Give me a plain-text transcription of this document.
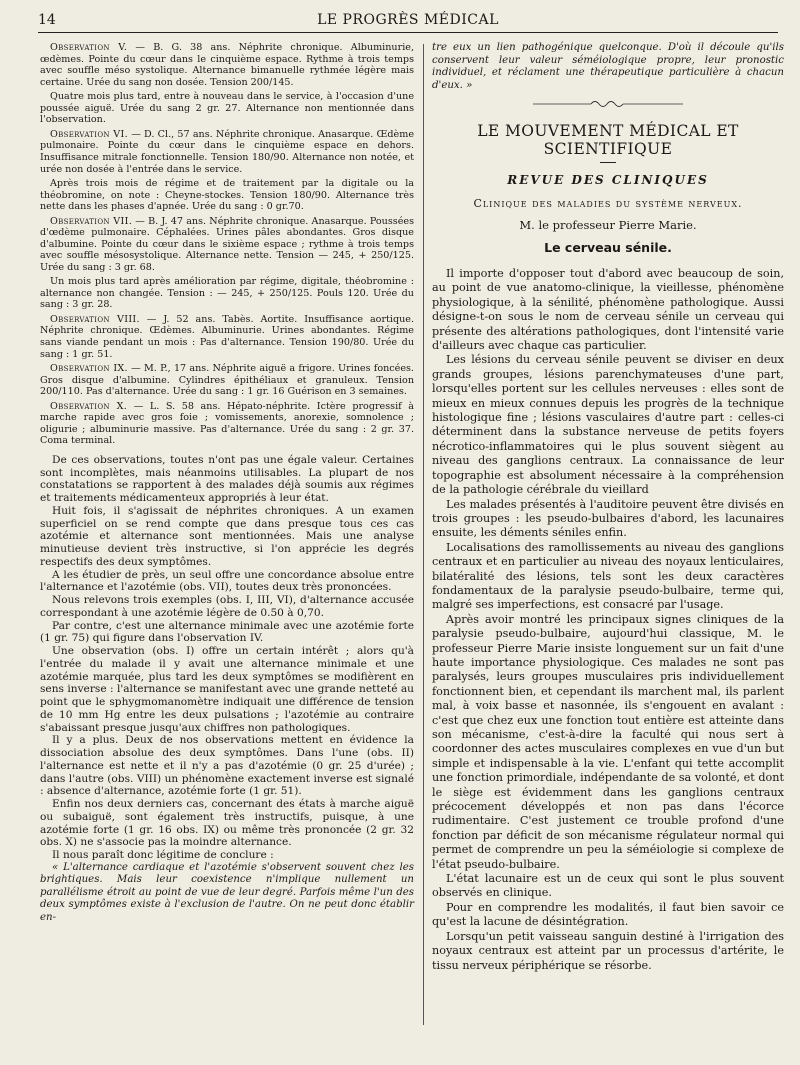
14	LE PROGRÈS MÉDICAL

Observation V. — B. G. 38 ans. Néphrite chronique. Albuminurie, œdèmes. Pointe du cœur dans le cinquième espace. Rythme à trois temps avec souffle méso systolique. Alternance bimanuelle rythmée légère mais certaine. Urée du sang non dosée. Tension 200/145.

Quatre mois plus tard, entre à nouveau dans le service, à l'occasion d'une poussée aiguë. Urée du sang 2 gr. 27. Alternance non mentionnée dans l'observation.

Observation VI. — D. Cl., 57 ans. Néphrite chronique. Anasarque. Œdème pulmonaire. Pointe du cœur dans le cinquième espace en dehors. Insuffisance mitrale fonctionnelle. Tension 180/90. Alternance non notée, et urée non dosée à l'entrée dans le service.

Après trois mois de régime et de traitement par la digitale ou la théobromine, on note : Cheyne-stockes. Tension 180/90. Alternance très nette dans les phases d'apnée. Urée du sang : 0 gr.70.

Observation VII. — B. J. 47 ans. Néphrite chronique. Anasarque. Poussées d'œdème pulmonaire. Céphalées. Urines pâles abondantes. Gros disque d'albumine. Pointe du cœur dans le sixième espace ; rythme à trois temps avec souffle mésosystolique. Alternance nette. Tension — 245, + 250/125. Urée du sang : 3 gr. 68.

Un mois plus tard après amélioration par régime, digitale, théobromine : alternance non changée. Tension : — 245, + 250/125. Pouls 120. Urée du sang : 3 gr. 28.

Observation VIII. — J. 52 ans. Tabès. Aortite. Insuffisance aortique. Néphrite chronique. Œdèmes. Albuminurie. Urines abondantes. Régime sans viande pendant un mois : Pas d'alternance. Tension 190/80. Urée du sang : 1 gr. 51.

Observation IX. — M. P., 17 ans. Néphrite aiguë a frigore. Urines foncées. Gros disque d'albumine. Cylindres épithéliaux et granuleux. Tension 200/110. Pas d'alternance. Urée du sang : 1 gr. 16 Guérison en 3 semaines.

Observation X. — L. S. 58 ans. Hépato-néphrite. Ictère progressif à marche rapide avec gros foie ; vomissements, anorexie, somnolence ; oligurie ; albuminurie massive. Pas d'alternance. Urée du sang : 2 gr. 37. Coma terminal.

De ces observations, toutes n'ont pas une égale valeur. Certaines sont incomplètes, mais néanmoins utilisables. La plupart de nos constatations se rapportent à des malades déjà soumis aux régimes et traitements médicamenteux appropriés à leur état.

Huit fois, il s'agissait de néphrites chroniques. A un examen superficiel on se rend compte que dans presque tous ces cas azotémie et alternance sont mentionnées. Mais une analyse minutieuse devient très instructive, si l'on apprécie les degrés respectifs des deux symptômes.

A les étudier de près, un seul offre une concordance absolue entre l'alternance et l'azotémie (obs. VII), toutes deux très prononcées.

Nous relevons trois exemples (obs. I, III, VI), d'alternance accusée correspondant à une azotémie légère de 0.50 à 0,70.

Par contre, c'est une alternance minimale avec une azotémie forte (1 gr. 75) qui figure dans l'observation IV.

Une observation (obs. I) offre un certain intérêt ; alors qu'à l'entrée du malade il y avait une alternance minimale et une azotémie marquée, plus tard les deux symptômes se modifièrent en sens inverse : l'alternance se manifestant avec une grande netteté au point que le sphygmomanomètre indiquait une différence de tension de 10 mm Hg entre les deux pulsations ; l'azotémie au contraire s'abaissant presque jusqu'aux chiffres non pathologiques.

Il y a plus. Deux de nos observations mettent en évidence la dissociation absolue des deux symptômes. Dans l'une (obs. II) l'alternance est nette et il n'y a pas d'azotémie (0 gr. 25 d'urée) ; dans l'autre (obs. VIII) un phénomène exactement inverse est signalé : absence d'alternance, azotémie forte (1 gr. 51).

Enfin nos deux derniers cas, concernant des états à marche aiguë ou subaiguë, sont également très instructifs, puisque, à une azotémie forte (1 gr. 16 obs. IX) ou même très prononcée (2 gr. 32 obs. X) ne s'associe pas la moindre alternance.

Il nous paraît donc légitime de conclure :

« L'alternance cardiaque et l'azotémie s'observent souvent chez les brightiques. Mais leur coexistence n'implique nullement un parallélisme étroit au point de vue de leur degré. Parfois même l'un des deux symptômes existe à l'exclusion de l'autre. On ne peut donc établir en-

tre eux un lien pathogénique quelconque. D'où il découle qu'ils conservent leur valeur séméiologique propre, leur pronostic individuel, et réclament une thérapeutique particulière à chacun d'eux. »

LE MOUVEMENT MÉDICAL ET SCIENTIFIQUE
REVUE DES CLINIQUES
Clinique des maladies du système nerveux.
M. le professeur Pierre Marie.
Le cerveau sénile.

Il importe d'opposer tout d'abord avec beaucoup de soin, au point de vue anatomo-clinique, la vieillesse, phénomène physiologique, à la sénilité, phénomène pathologique. Aussi désigne-t-on sous le nom de cerveau sénile un cerveau qui présente des altérations pathologiques, dont l'intensité varie d'ailleurs avec chaque cas particulier.

Les lésions du cerveau sénile peuvent se diviser en deux grands groupes, lésions parenchymateuses d'une part, lorsqu'elles portent sur les cellules nerveuses : elles sont de mieux en mieux connues depuis les progrès de la technique histologique fine ; lésions vasculaires d'autre part : celles-ci déterminent dans la substance nerveuse de petits foyers nécrotico-inflammatoires qui le plus souvent siègent au niveau des ganglions centraux. La connaissance de leur topographie est absolument nécessaire à la compréhension de la pathologie cérébrale du vieillard

Les malades présentés à l'auditoire peuvent être divisés en trois groupes : les pseudo-bulbaires d'abord, les lacunaires ensuite, les déments séniles enfin.

Localisations des ramollissements au niveau des ganglions centraux et en particulier au niveau des noyaux lenticulaires, bilatéralité des lésions, tels sont les deux caractères fondamentaux de la paralysie pseudo-bulbaire, terme qui, malgré ses imperfections, est consacré par l'usage.

Après avoir montré les principaux signes cliniques de la paralysie pseudo-bulbaire, aujourd'hui classique, M. le professeur Pierre Marie insiste longuement sur un fait d'une haute importance physiologique. Ces malades ne sont pas paralysés, leurs groupes musculaires pris individuellement fonctionnent bien, et cependant ils marchent mal, ils parlent mal, à voix basse et nasonnée, ils s'engouent en avalant : c'est que chez eux une fonction tout entière est atteinte dans son mécanisme, c'est-à-dire la faculté qui nous sert à coordonner des actes musculaires complexes en vue d'un but simple et indispensable à la vie. L'enfant qui tette accomplit une fonction primordiale, indépendante de sa volonté, et dont le siège est évidemment dans les ganglions centraux précocement développés et non pas dans l'écorce rudimentaire. C'est justement ce trouble profond d'une fonction par déficit de son mécanisme régulateur normal qui permet de comprendre un peu la séméiologie si complexe de l'état pseudo-bulbaire.

L'état lacunaire est un de ceux qui sont le plus souvent observés en clinique.

Pour en comprendre les modalités, il faut bien savoir ce qu'est la lacune de désintégration.

Lorsqu'un petit vaisseau sanguin destiné à l'irrigation des noyaux centraux est atteint par un processus d'artérite, le tissu nerveux périphérique se résorbe.
